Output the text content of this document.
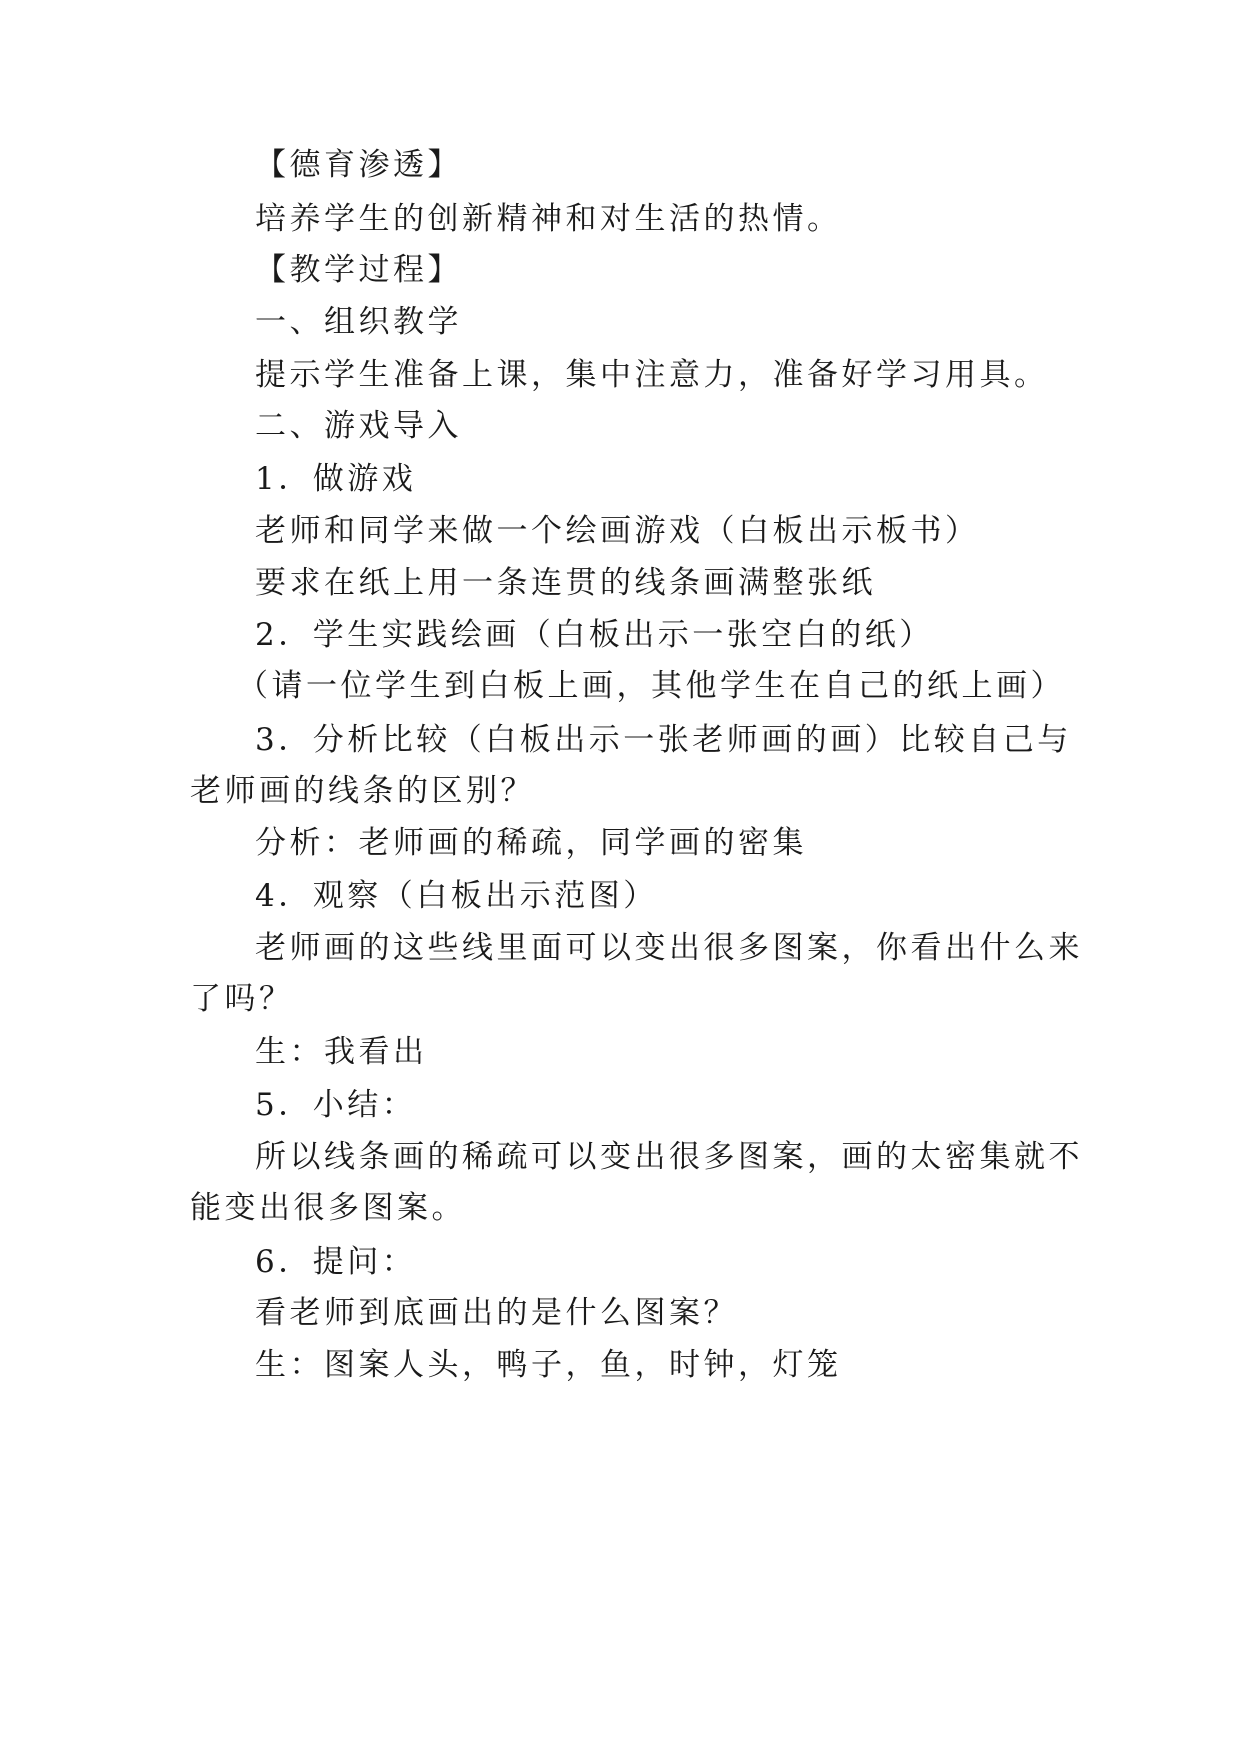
【德育渗透】
培养学生的创新精神和对生活的热情。
【教学过程】
一、组织教学
提示学生准备上课，集中注意力，准备好学习用具。
二、游戏导入
1．做游戏
老师和同学来做一个绘画游戏（白板出示板书）
要求在纸上用一条连贯的线条画满整张纸
2．学生实践绘画（白板出示一张空白的纸）
（请一位学生到白板上画，其他学生在自己的纸上画）
3．分析比较（白板出示一张老师画的画）比较自己与
老师画的线条的区别？
分析：老师画的稀疏，同学画的密集
4．观察（白板出示范图）
老师画的这些线里面可以变出很多图案，你看出什么来
了吗？
生：我看出
5．小结：
所以线条画的稀疏可以变出很多图案，画的太密集就不
能变出很多图案。
6．提问：
看老师到底画出的是什么图案？
生：图案人头，鸭子，鱼，时钟，灯笼
